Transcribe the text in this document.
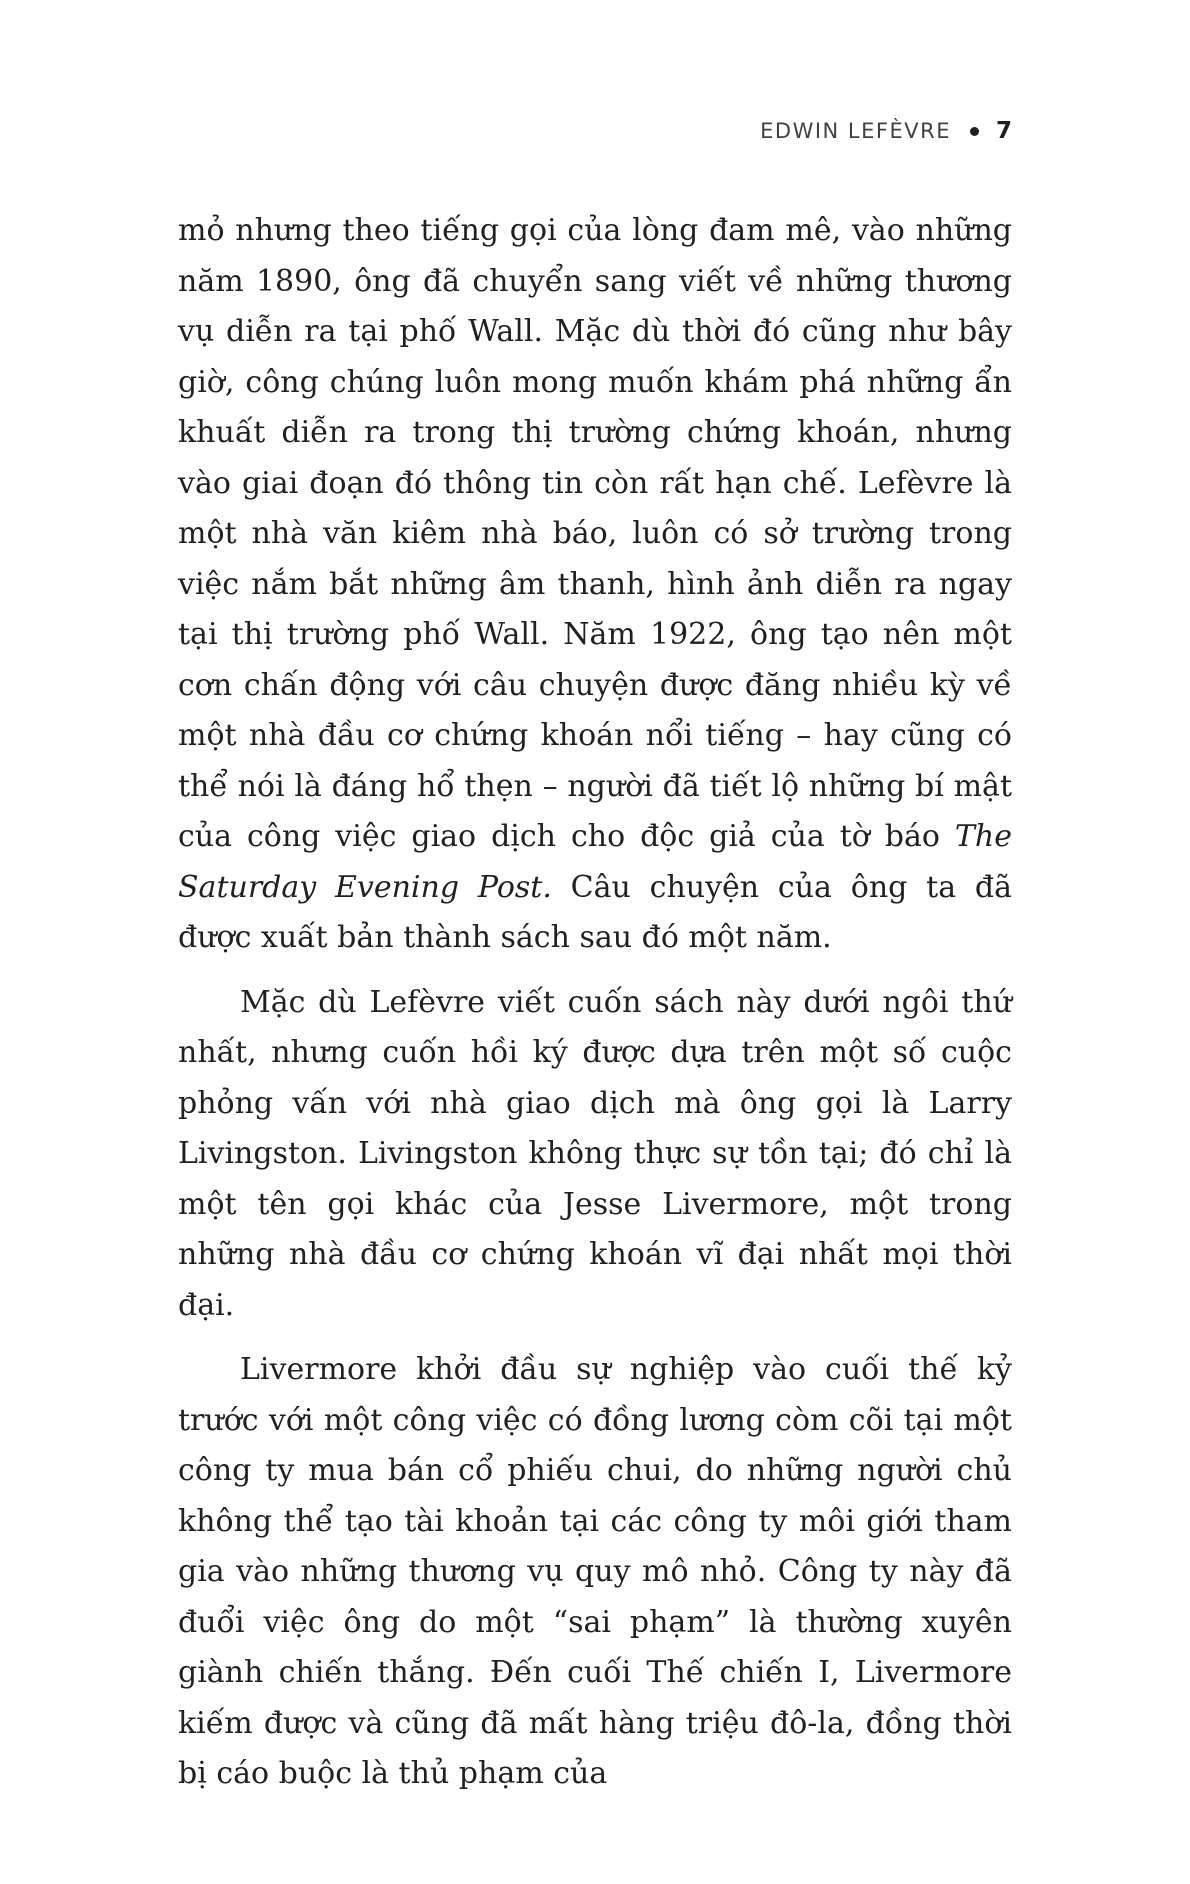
EDWIN LEFÈVRE 7

mỏ nhưng theo tiếng gọi của lòng đam mê, vào những năm 1890, ông đã chuyển sang viết về những thương vụ diễn ra tại phố Wall. Mặc dù thời đó cũng như bây giờ, công chúng luôn mong muốn khám phá những ẩn khuất diễn ra trong thị trường chứng khoán, nhưng vào giai đoạn đó thông tin còn rất hạn chế. Lefèvre là một nhà văn kiêm nhà báo, luôn có sở trường trong việc nắm bắt những âm thanh, hình ảnh diễn ra ngay tại thị trường phố Wall. Năm 1922, ông tạo nên một cơn chấn động với câu chuyện được đăng nhiều kỳ về một nhà đầu cơ chứng khoán nổi tiếng – hay cũng có thể nói là đáng hổ thẹn – người đã tiết lộ những bí mật của công việc giao dịch cho độc giả của tờ báo The Saturday Evening Post. Câu chuyện của ông ta đã được xuất bản thành sách sau đó một năm.

Mặc dù Lefèvre viết cuốn sách này dưới ngôi thứ nhất, nhưng cuốn hồi ký được dựa trên một số cuộc phỏng vấn với nhà giao dịch mà ông gọi là Larry Livingston. Livingston không thực sự tồn tại; đó chỉ là một tên gọi khác của Jesse Livermore, một trong những nhà đầu cơ chứng khoán vĩ đại nhất mọi thời đại.

Livermore khởi đầu sự nghiệp vào cuối thế kỷ trước với một công việc có đồng lương còm cõi tại một công ty mua bán cổ phiếu chui, do những người chủ không thể tạo tài khoản tại các công ty môi giới tham gia vào những thương vụ quy mô nhỏ. Công ty này đã đuổi việc ông do một “sai phạm” là thường xuyên giành chiến thắng. Đến cuối Thế chiến I, Livermore kiếm được và cũng đã mất hàng triệu đô-la, đồng thời bị cáo buộc là thủ phạm của
